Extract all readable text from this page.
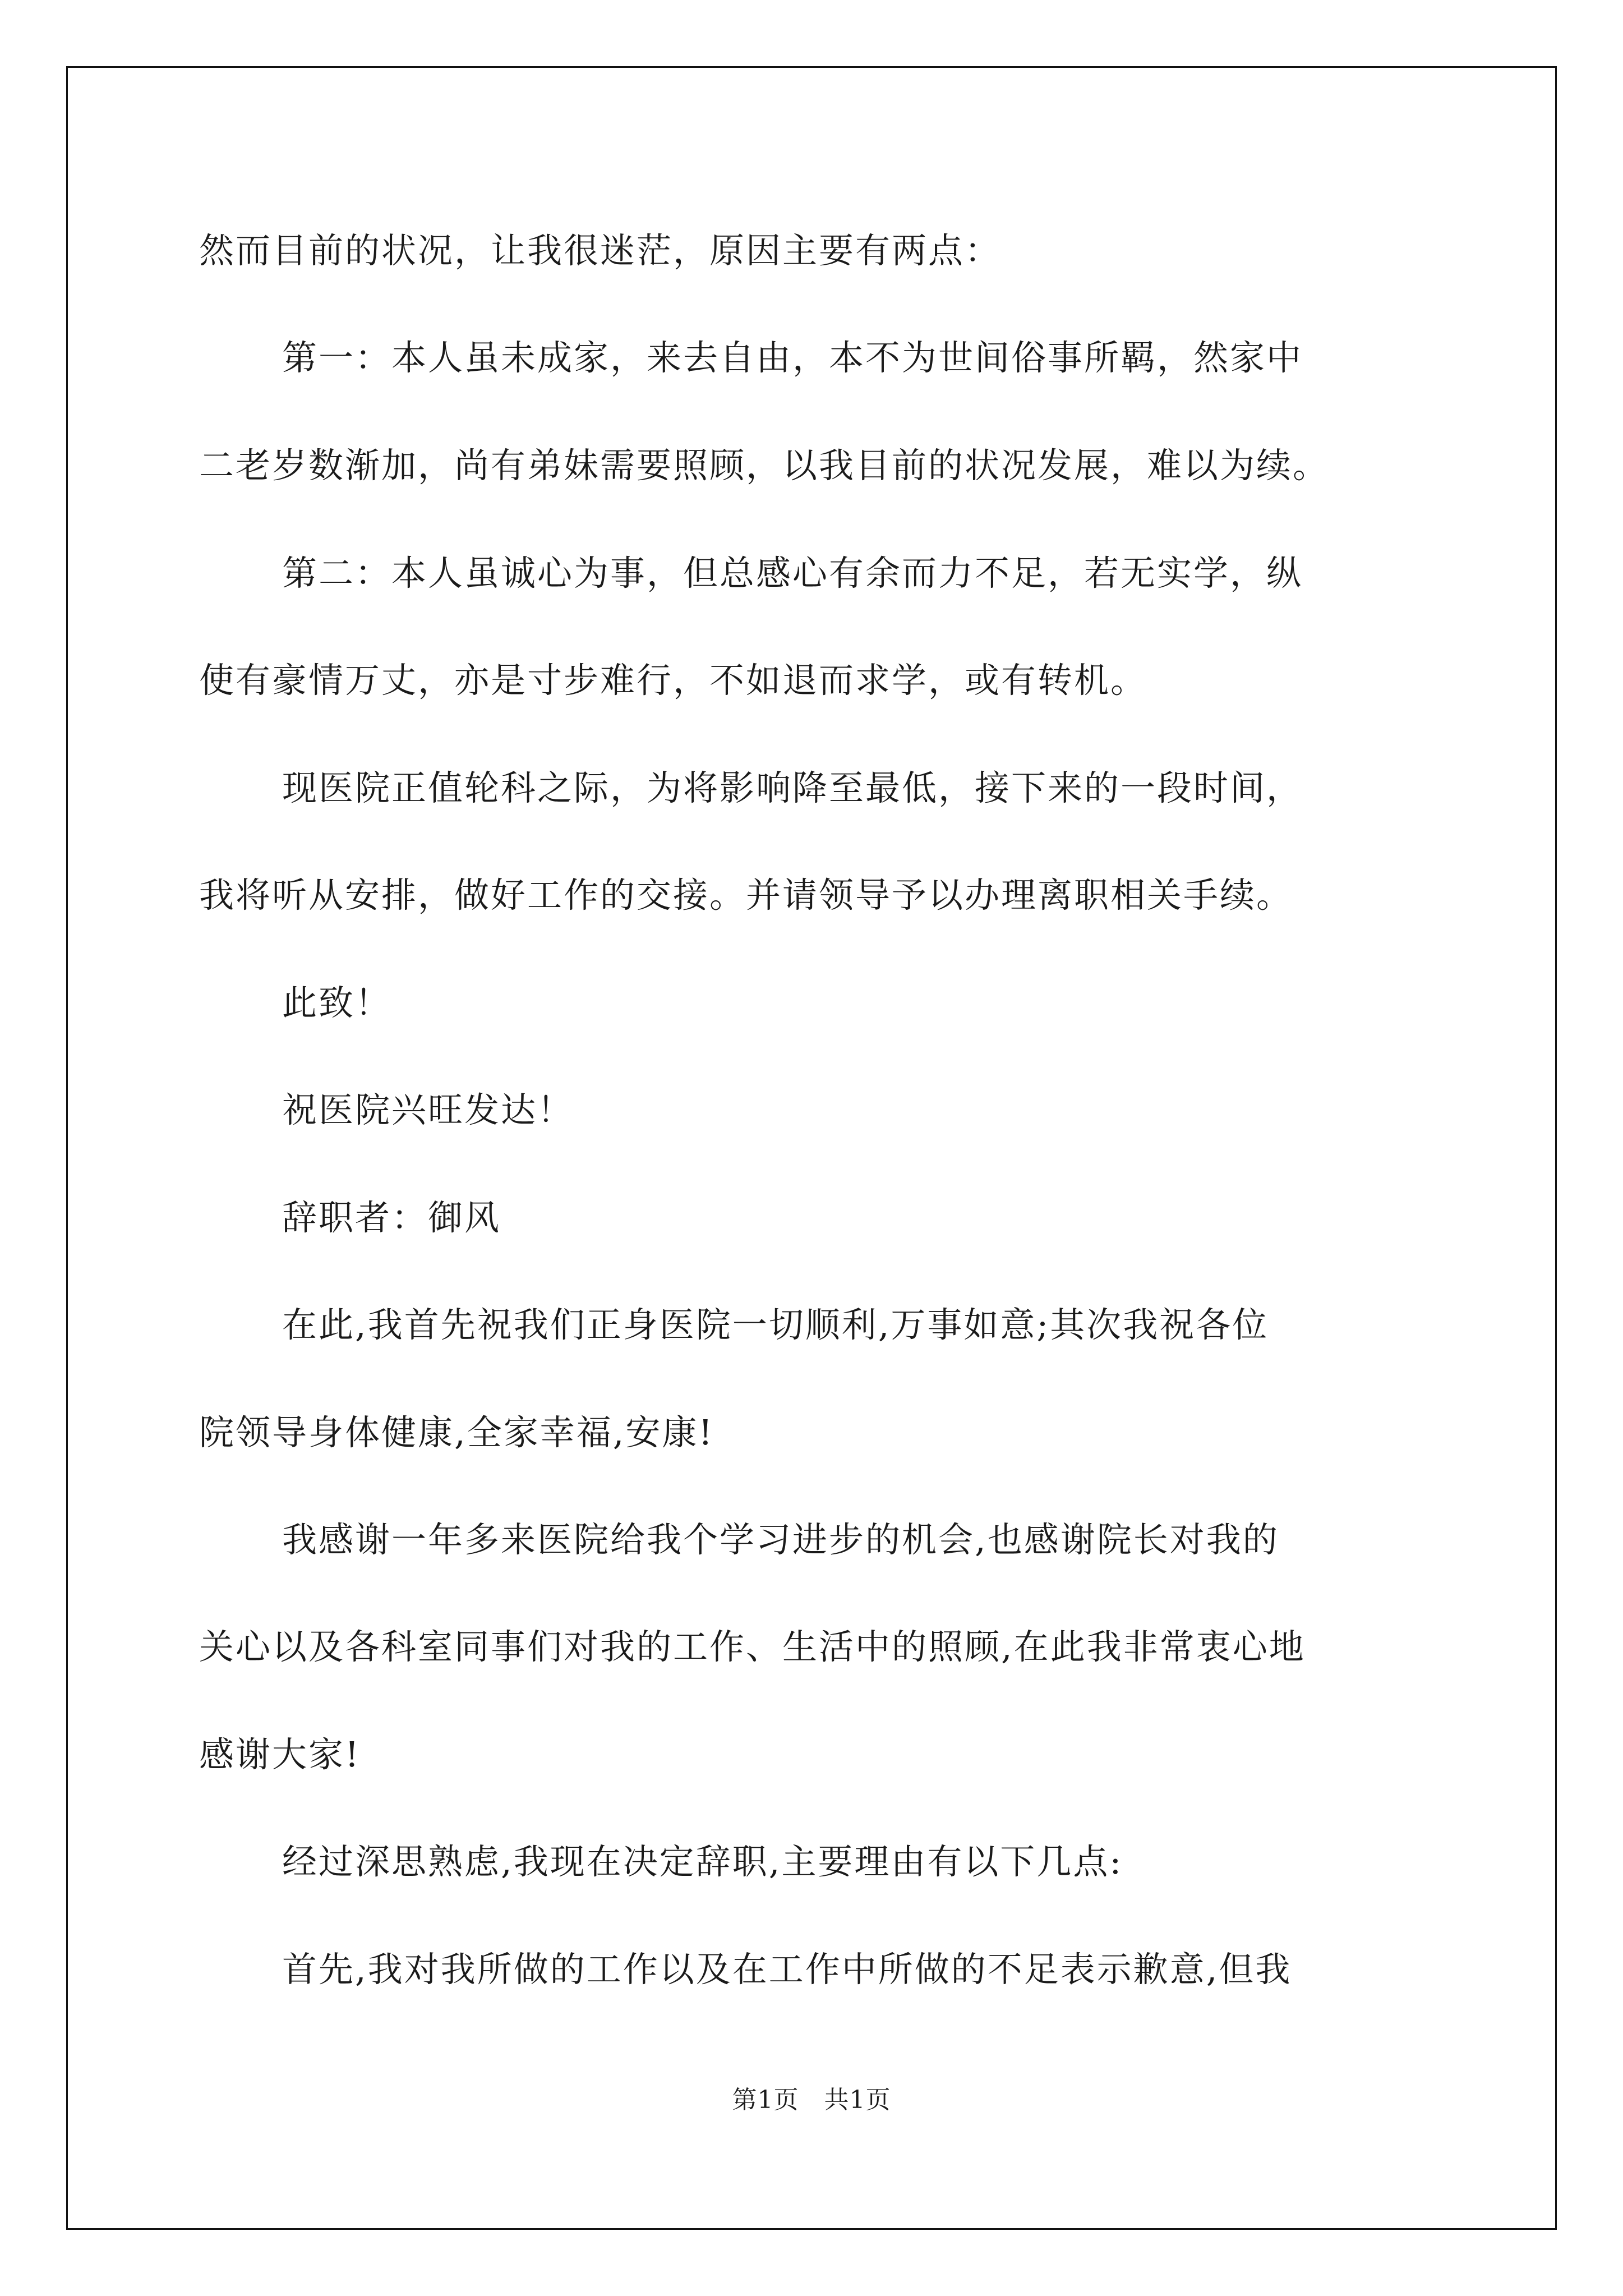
然而目前的状况，让我很迷茫，原因主要有两点：
第一：本人虽未成家，来去自由，本不为世间俗事所羁，然家中
二老岁数渐加，尚有弟妹需要照顾，以我目前的状况发展，难以为续。
第二：本人虽诚心为事，但总感心有余而力不足，若无实学，纵
使有豪情万丈，亦是寸步难行，不如退而求学，或有转机。
现医院正值轮科之际，为将影响降至最低，接下来的一段时间，
我将听从安排，做好工作的交接。并请领导予以办理离职相关手续。
此致！
祝医院兴旺发达！
辞职者：御风
在此,我首先祝我们正身医院一切顺利,万事如意;其次我祝各位
院领导身体健康,全家幸福,安康!
我感谢一年多来医院给我个学习进步的机会,也感谢院长对我的
关心以及各科室同事们对我的工作、生活中的照顾,在此我非常衷心地
感谢大家!
经过深思熟虑,我现在决定辞职,主要理由有以下几点:
首先,我对我所做的工作以及在工作中所做的不足表示歉意,但我
第1页　共1页
